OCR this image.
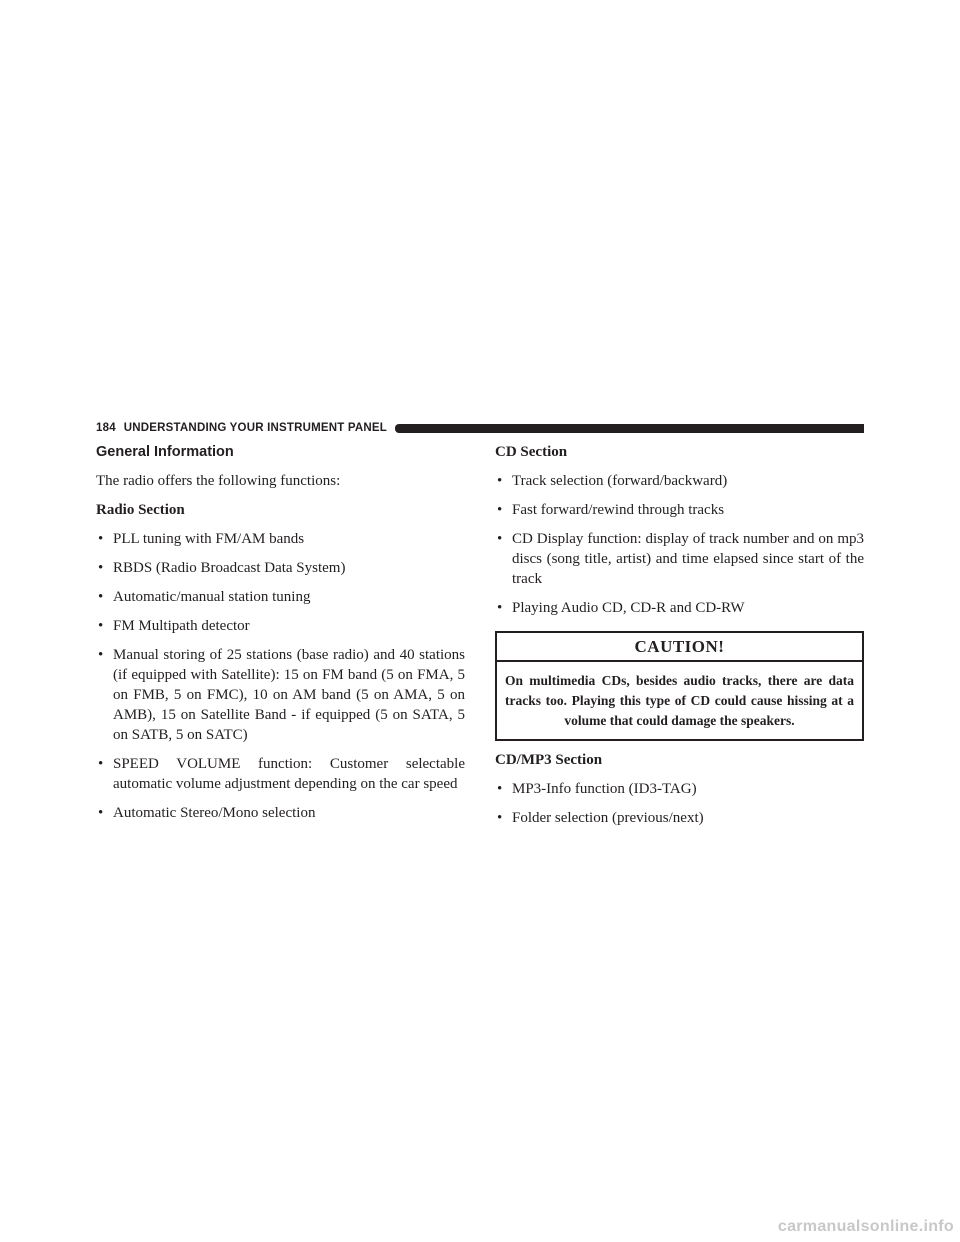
184 UNDERSTANDING YOUR INSTRUMENT PANEL
General Information

The radio offers the following functions:

Radio Section
• PLL tuning with FM/AM bands
• RBDS (Radio Broadcast Data System)
• Automatic/manual station tuning
• FM Multipath detector
• Manual storing of 25 stations (base radio) and 40 stations (if equipped with Satellite): 15 on FM band (5 on FMA, 5 on FMB, 5 on FMC), 10 on AM band (5 on AMA, 5 on AMB), 15 on Satellite Band - if equipped (5 on SATA, 5 on SATB, 5 on SATC)
• SPEED VOLUME function: Customer selectable automatic volume adjustment depending on the car speed
• Automatic Stereo/Mono selection
CD Section
• Track selection (forward/backward)
• Fast forward/rewind through tracks
• CD Display function: display of track number and on mp3 discs (song title, artist) and time elapsed since start of the track
• Playing Audio CD, CD-R and CD-RW
CAUTION!
On multimedia CDs, besides audio tracks, there are data tracks too. Playing this type of CD could cause hissing at a volume that could damage the speakers.
CD/MP3 Section
• MP3-Info function (ID3-TAG)
• Folder selection (previous/next)
carmanualsonline.info
